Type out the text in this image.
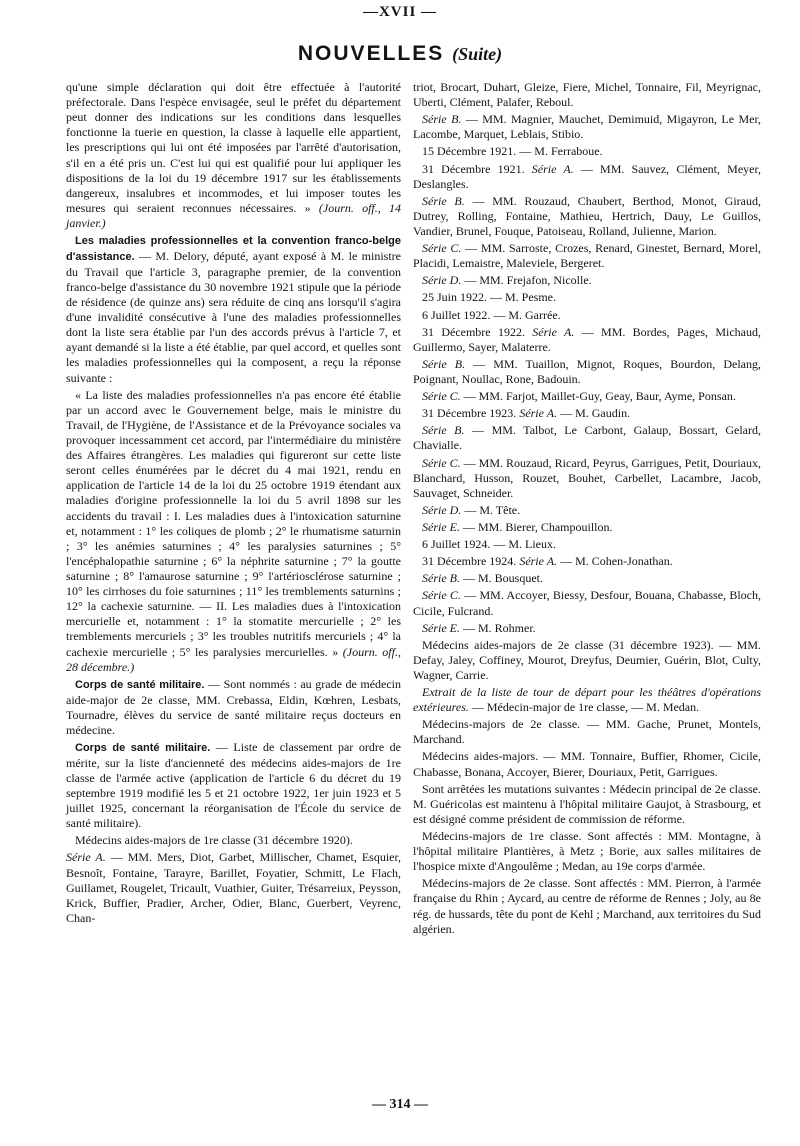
—XVII —
NOUVELLES (Suite)

qu'une simple déclaration qui doit être effectuée à l'autorité préfectorale. Dans l'espèce envisagée, seul le préfet du département peut donner des indications sur les conditions dans lesquelles fonctionne la tuerie en question, la classe à laquelle elle appartient, les prescriptions qui lui ont été imposées par l'arrêté d'autorisation, s'il en a été pris un. C'est lui qui est qualifié pour lui appliquer les dispositions de la loi du 19 décembre 1917 sur les établissements dangereux, insalubres et incommodes, et lui imposer toutes les mesures qui seraient reconnues nécessaires. » (Journ. off., 14 janvier.)

Les maladies professionnelles et la convention franco-belge d'assistance. — M. Delory, député, ayant exposé à M. le ministre du Travail que l'article 3, paragraphe premier, de la convention franco-belge d'assistance du 30 novembre 1921 stipule que la période de résidence (de quinze ans) sera réduite de cinq ans lorsqu'il s'agira d'une invalidité consécutive à l'une des maladies professionnelles dont la liste sera établie par l'un des accords prévus à l'article 7, et ayant demandé si la liste a été établie, par quel accord, et quelles sont les maladies professionnelles qui la composent, a reçu la réponse suivante :

« La liste des maladies professionnelles n'a pas encore été établie par un accord avec le Gouvernement belge, mais le ministre du Travail, de l'Hygiène, de l'Assistance et de la Prévoyance sociales va provoquer incessamment cet accord, par l'intermédiaire du ministère des Affaires étrangères. Les maladies qui figureront sur cette liste seront celles énumérées par le décret du 4 mai 1921, rendu en application de l'article 14 de la loi du 25 octobre 1919 étendant aux maladies d'origine professionnelle la loi du 5 avril 1898 sur les accidents du travail : I. Les maladies dues à l'intoxication saturnine et, notamment : 1° les coliques de plomb ; 2° le rhumatisme saturnin ; 3° les anémies saturnines ; 4° les paralysies saturnines ; 5° l'encéphalopathie saturnine ; 6° la néphrite saturnine ; 7° la goutte saturnine ; 8° l'amaurose saturnine ; 9° l'artériosclérose saturnine ; 10° les cirrhoses du foie saturnines ; 11° les tremblements saturnins ; 12° la cachexie saturnine. — II. Les maladies dues à l'intoxication mercurielle et, notamment : 1° la stomatite mercurielle ; 2° les tremblements mercuriels ; 3° les troubles nutritifs mercuriels ; 4° la cachexie mercurielle ; 5° les paralysies mercurielles. » (Journ. off., 28 décembre.)

Corps de santé militaire. — Sont nommés : au grade de médecin aide-major de 2e classe, MM. Crebassa, Eldin, Kœhren, Lesbats, Tournadre, élèves du service de santé militaire reçus docteurs en médecine.

Corps de santé militaire. — Liste de classement par ordre de mérite, sur la liste d'ancienneté des médecins aides-majors de 1re classe de l'armée active (application de l'article 6 du décret du 19 septembre 1919 modifié les 5 et 21 octobre 1922, 1er juin 1923 et 5 juillet 1925, concernant la réorganisation de l'École du service de santé militaire).

Médecins aides-majors de 1re classe (31 décembre 1920).

Série A. — MM. Mers, Diot, Garbet, Millischer, Chamet, Esquier, Besnoît, Fontaine, Tarayre, Barillet, Foyatier, Schmitt, Le Flach, Guillamet, Rougelet, Tricault, Vuathier, Guiter, Trésarreiux, Peysson, Krick, Buffier, Pradier, Archer, Odier, Blanc, Guerbert, Veyrenc, Chan-

triot, Brocart, Duhart, Gleize, Fiere, Michel, Tonnaire, Fil, Meyrignac, Uberti, Clément, Palafer, Reboul.

Série B. — MM. Magnier, Mauchet, Demimuid, Migayron, Le Mer, Lacombe, Marquet, Leblais, Stibio.

15 Décembre 1921. — M. Ferraboue.

31 Décembre 1921. Série A. — MM. Sauvez, Clément, Meyer, Deslangles.

Série B. — MM. Rouzaud, Chaubert, Berthod, Monot, Giraud, Dutrey, Rolling, Fontaine, Mathieu, Hertrich, Dauy, Le Guillos, Vandier, Brunel, Fouque, Patoiseau, Rolland, Julienne, Marion.

Série C. — MM. Sarroste, Crozes, Renard, Ginestet, Bernard, Morel, Placidi, Lemaistre, Maleviele, Bergeret.

Série D. — MM. Frejafon, Nicolle.

25 Juin 1922. — M. Pesme.

6 Juillet 1922. — M. Garrée.

31 Décembre 1922. Série A. — MM. Bordes, Pages, Michaud, Guillermo, Sayer, Malaterre.

Série B. — MM. Tuaillon, Mignot, Roques, Bourdon, Delang, Poignant, Noullac, Rone, Badouin.

Série C. — MM. Farjot, Maillet-Guy, Geay, Baur, Ayme, Ponsan.

31 Décembre 1923. Série A. — M. Gaudin.

Série B. — MM. Talbot, Le Carbont, Galaup, Bossart, Gelard, Chavialle.

Série C. — MM. Rouzaud, Ricard, Peyrus, Garrigues, Petit, Douriaux, Blanchard, Husson, Rouzet, Bouhet, Carbellet, Lacambre, Jacob, Sauvaget, Schneider.

Série D. — M. Tête.

Série E. — MM. Bierer, Champouillon.

6 Juillet 1924. — M. Lieux.

31 Décembre 1924. Série A. — M. Cohen-Jonathan.

Série B. — M. Bousquet.

Série C. — MM. Accoyer, Biessy, Desfour, Bouana, Chabasse, Bloch, Cicile, Fulcrand.

Série E. — M. Rohmer.

Médecins aides-majors de 2e classe (31 décembre 1923). — MM. Defay, Jaley, Coffiney, Mourot, Dreyfus, Deumier, Guérin, Blot, Culty, Wagner, Carrie.

Extrait de la liste de tour de départ pour les théâtres d'opérations extérieures. — Médecin-major de 1re classe, — M. Medan.

Médecins-majors de 2e classe. — MM. Gache, Prunet, Montels, Marchand.

Médecins aides-majors. — MM. Tonnaire, Buffier, Rhomer, Cicile, Chabasse, Bonana, Accoyer, Bierer, Douriaux, Petit, Garrigues.

Sont arrêtées les mutations suivantes : Médecin principal de 2e classe. M. Guéricolas est maintenu à l'hôpital militaire Gaujot, à Strasbourg, et est désigné comme président de commission de réforme.

Médecins-majors de 1re classe. Sont affectés : MM. Montagne, à l'hôpital militaire Plantières, à Metz ; Borie, aux salles militaires de l'hospice mixte d'Angoulême ; Medan, au 19e corps d'armée.

Médecins-majors de 2e classe. Sont affectés : MM. Pierron, à l'armée française du Rhin ; Aycard, au centre de réforme de Rennes ; Joly, au 8e rég. de hussards, tête du pont de Kehl ; Marchand, aux territoires du Sud algérien.

— 314 —
